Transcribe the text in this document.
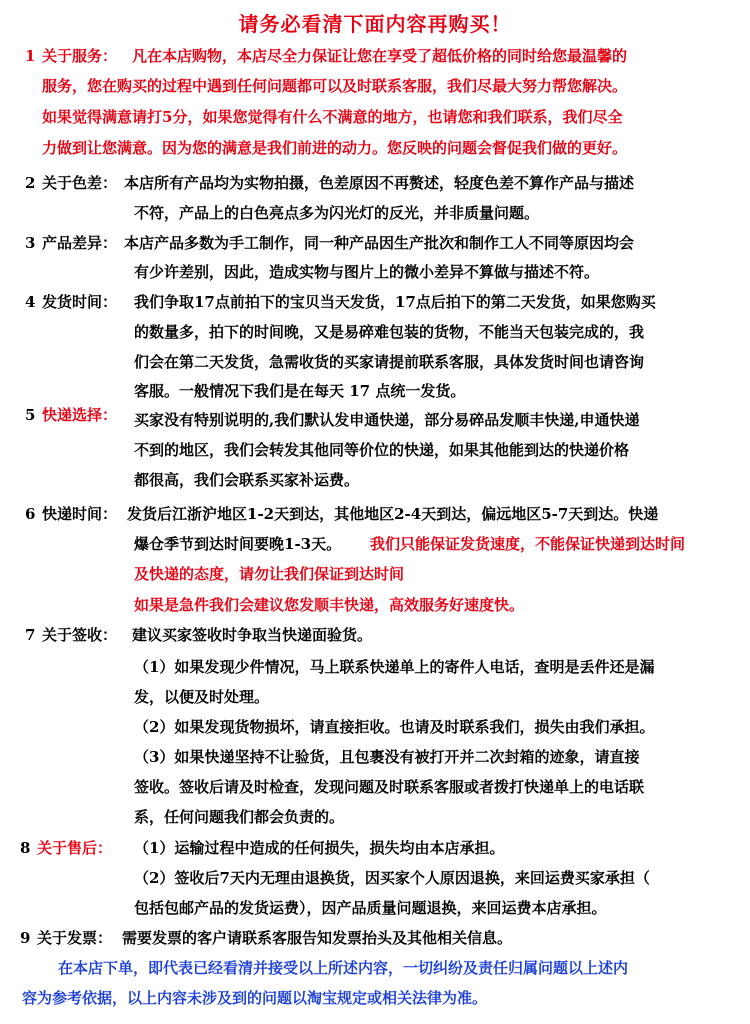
请务必看清下面内容再购买！
1 关于服务： 凡在本店购物，本店尽全力保证让您在享受了超低价格的同时给您最温馨的
服务，您在购买的过程中遇到任何问题都可以及时联系客服，我们尽最大努力帮您解决。
如果觉得满意请打5分，如果您觉得有什么不满意的地方，也请您和我们联系，我们尽全
力做到让您满意。因为您的满意是我们前进的动力。您反映的问题会督促我们做的更好。
2 关于色差： 本店所有产品均为实物拍摄，色差原因不再赘述，轻度色差不算作产品与描述
不符，产品上的白色亮点多为闪光灯的反光，并非质量问题。
3 产品差异： 本店产品多数为手工制作，同一种产品因生产批次和制作工人不同等原因均会
有少许差别，因此，造成实物与图片上的微小差异不算做与描述不符。
4 发货时间： 我们争取17点前拍下的宝贝当天发货，17点后拍下的第二天发货，如果您购买
的数量多，拍下的时间晚，又是易碎难包装的货物，不能当天包装完成的，我
们会在第二天发货，急需收货的买家请提前联系客服，具体发货时间也请咨询
客服。一般情况下我们是在每天 17 点统一发货。
5 快递选择： 买家没有特别说明的,我们默认发申通快递，部分易碎品发顺丰快递,申通快递
不到的地区，我们会转发其他同等价位的快递，如果其他能到达的快递价格
都很高，我们会联系买家补运费。
6 快递时间： 发货后江浙沪地区1-2天到达，其他地区2-4天到达，偏远地区5-7天到达。快递
爆仓季节到达时间要晚1-3天。 我们只能保证发货速度，不能保证快递到达时间
及快递的态度，请勿让我们保证到达时间
如果是急件我们会建议您发顺丰快递，高效服务好速度快。
7 关于签收： 建议买家签收时争取当快递面验货。
（1）如果发现少件情况，马上联系快递单上的寄件人电话，查明是丢件还是漏
发，以便及时处理。
（2）如果发现货物损坏，请直接拒收。也请及时联系我们，损失由我们承担。
（3）如果快递坚持不让验货，且包裹没有被打开并二次封箱的迹象，请直接
签收。签收后请及时检查，发现问题及时联系客服或者拨打快递单上的电话联
系，任何问题我们都会负责的。
8 关于售后： （1）运输过程中造成的任何损失，损失均由本店承担。
（2）签收后7天内无理由退换货，因买家个人原因退换，来回运费买家承担（
包括包邮产品的发货运费），因产品质量问题退换，来回运费本店承担。
9 关于发票： 需要发票的客户请联系客服告知发票抬头及其他相关信息。
在本店下单，即代表已经看清并接受以上所述内容，一切纠纷及责任归属问题以上述内
容为参考依据，以上内容未涉及到的问题以淘宝规定或相关法律为准。
